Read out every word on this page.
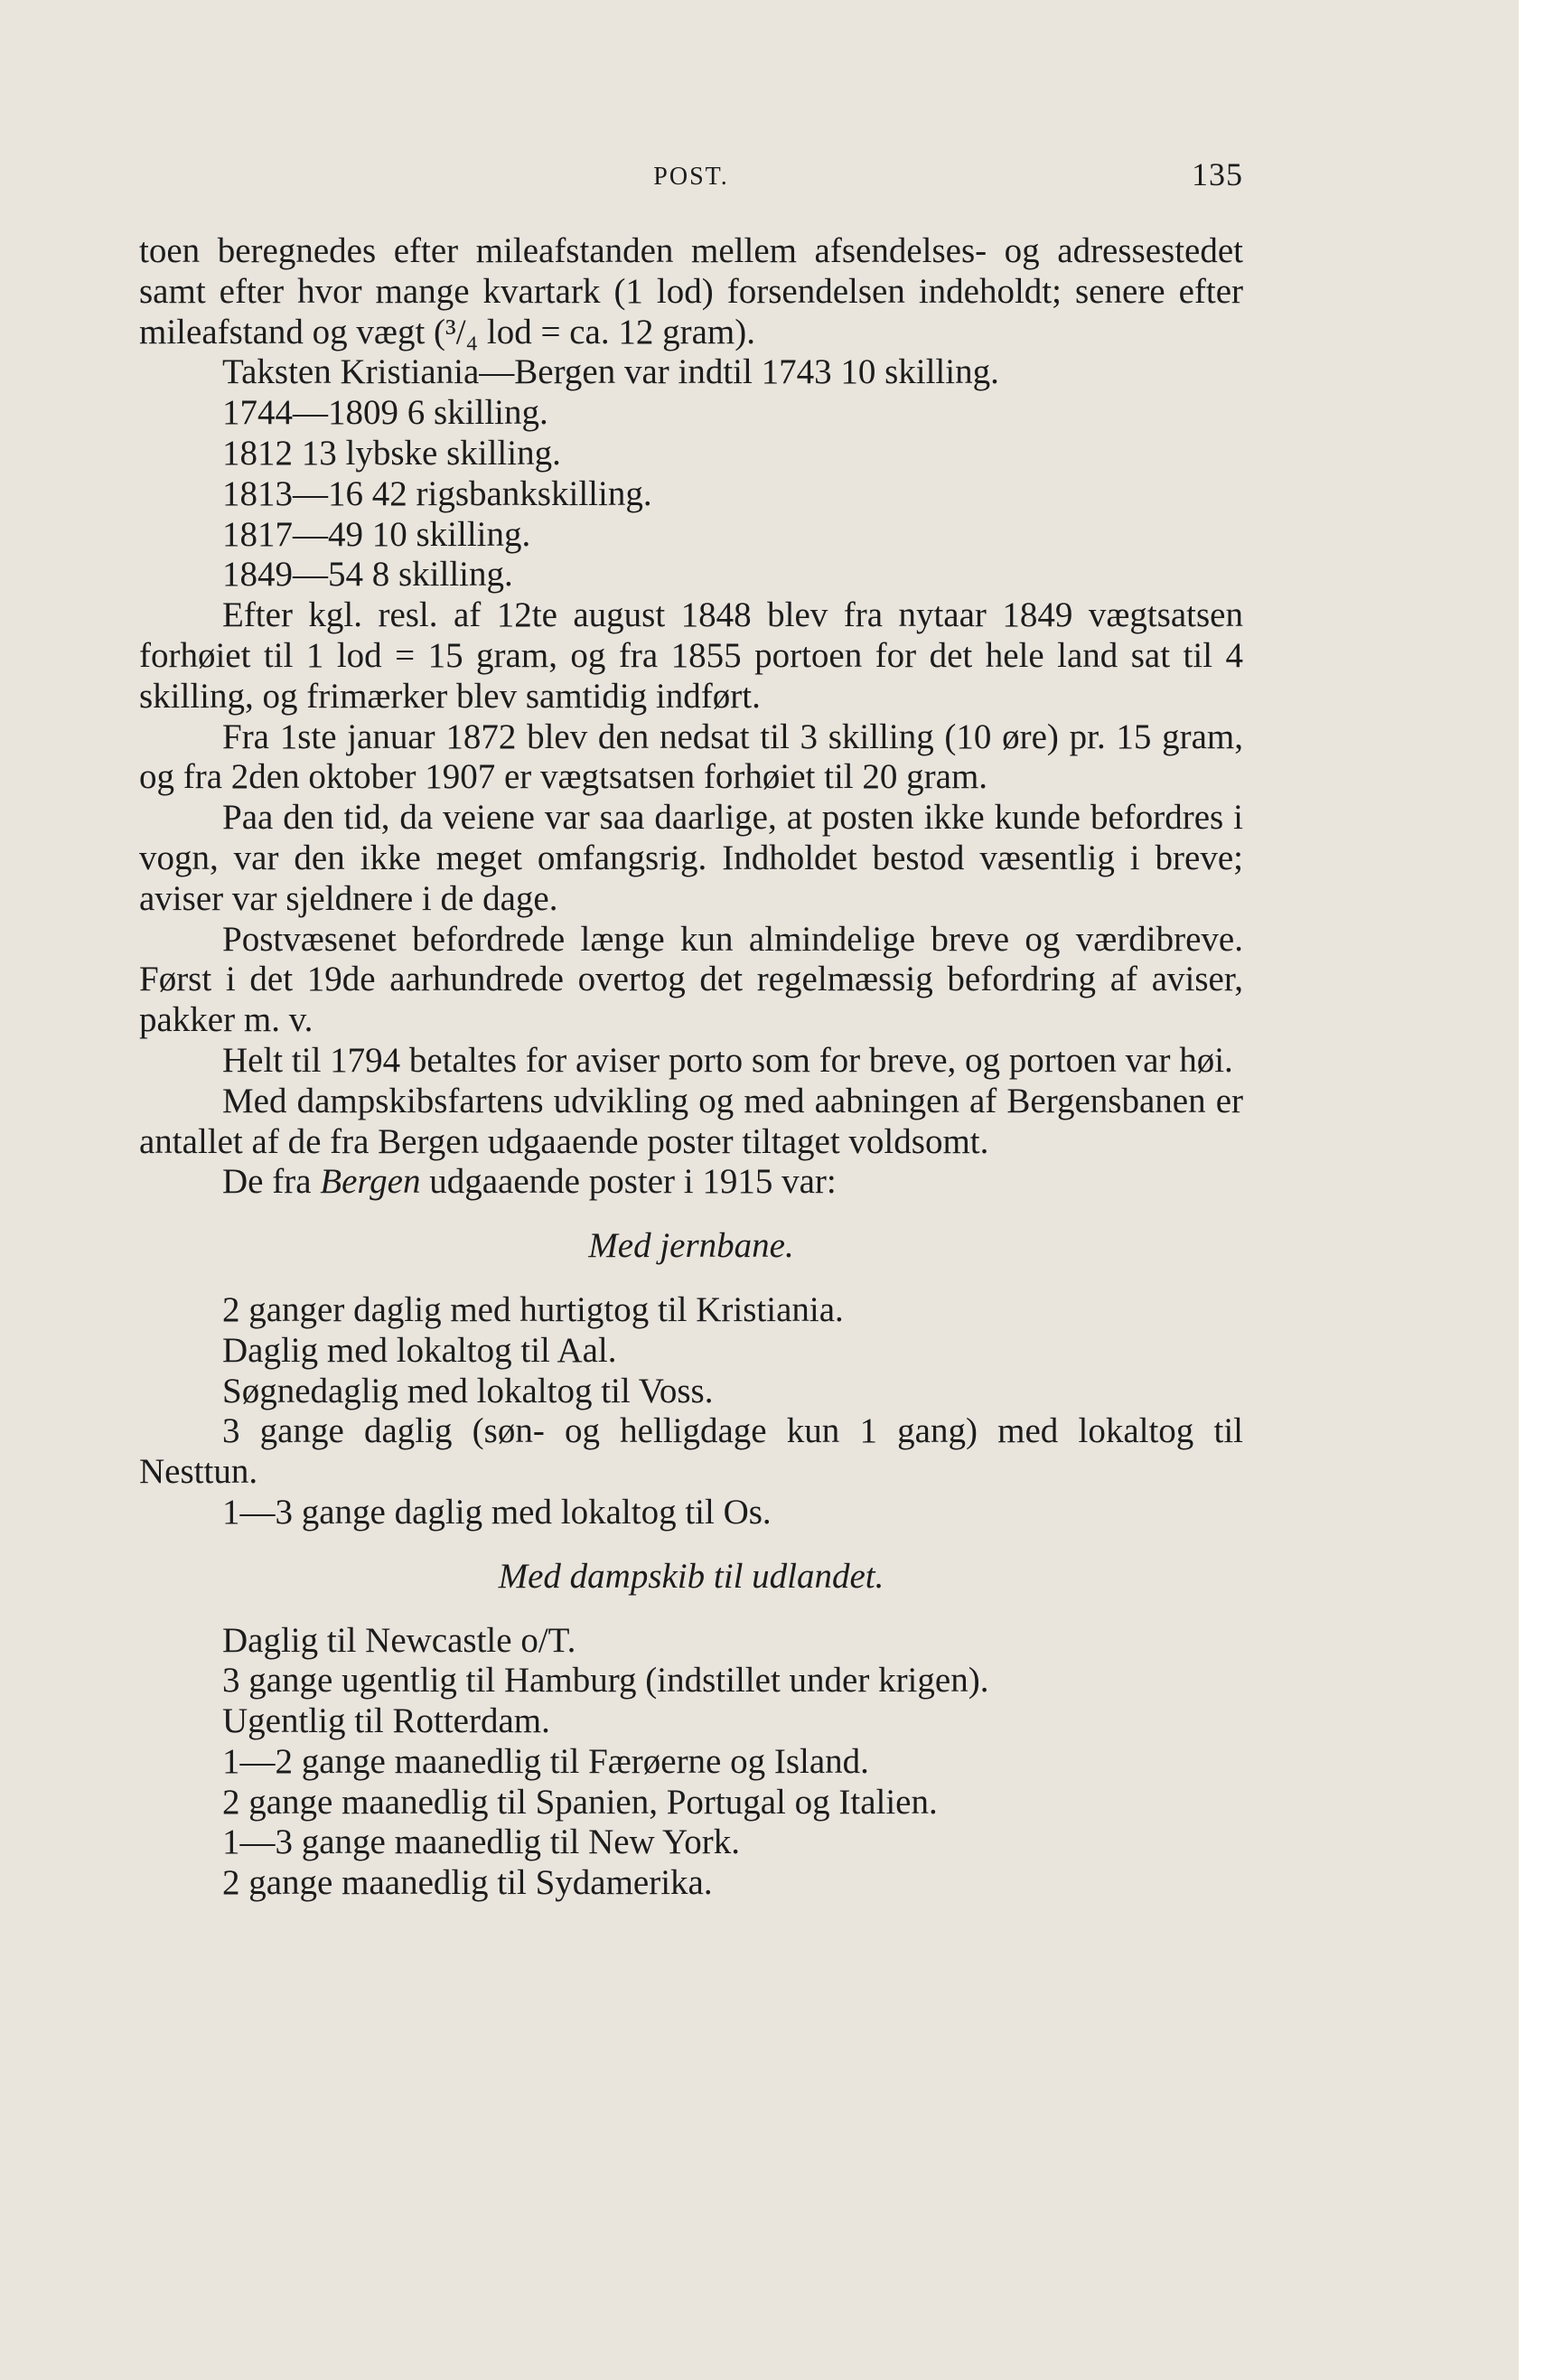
POST.	135

toen beregnedes efter mileafstanden mellem afsendelses- og adressestedet samt efter hvor mange kvartark (1 lod) forsendelsen indeholdt; senere efter mileafstand og vægt (³/₄ lod = ca. 12 gram).

Taksten Kristiania—Bergen var indtil 1743 10 skilling.

1744—1809 6 skilling.

1812 13 lybske skilling.

1813—16 42 rigsbankskilling.

1817—49 10 skilling.

1849—54 8 skilling.

Efter kgl. resl. af 12te august 1848 blev fra nytaar 1849 vægtsatsen forhøiet til 1 lod = 15 gram, og fra 1855 portoen for det hele land sat til 4 skilling, og frimærker blev samtidig indført.

Fra 1ste januar 1872 blev den nedsat til 3 skilling (10 øre) pr. 15 gram, og fra 2den oktober 1907 er vægtsatsen forhøiet til 20 gram.

Paa den tid, da veiene var saa daarlige, at posten ikke kunde befordres i vogn, var den ikke meget omfangsrig. Indholdet bestod væsentlig i breve; aviser var sjeldnere i de dage.

Postvæsenet befordrede længe kun almindelige breve og værdibreve. Først i det 19de aarhundrede overtog det regelmæssig befordring af aviser, pakker m. v.

Helt til 1794 betaltes for aviser porto som for breve, og portoen var høi.

Med dampskibsfartens udvikling og med aabningen af Bergensbanen er antallet af de fra Bergen udgaaende poster tiltaget voldsomt.

De fra Bergen udgaaende poster i 1915 var:

Med jernbane.

2 ganger daglig med hurtigtog til Kristiania.

Daglig med lokaltog til Aal.

Søgnedaglig med lokaltog til Voss.

3 gange daglig (søn- og helligdage kun 1 gang) med lokaltog til Nesttun.

1—3 gange daglig med lokaltog til Os.

Med dampskib til udlandet.

Daglig til Newcastle o/T.

3 gange ugentlig til Hamburg (indstillet under krigen).

Ugentlig til Rotterdam.

1—2 gange maanedlig til Færøerne og Island.

2 gange maanedlig til Spanien, Portugal og Italien.

1—3 gange maanedlig til New York.

2 gange maanedlig til Sydamerika.
